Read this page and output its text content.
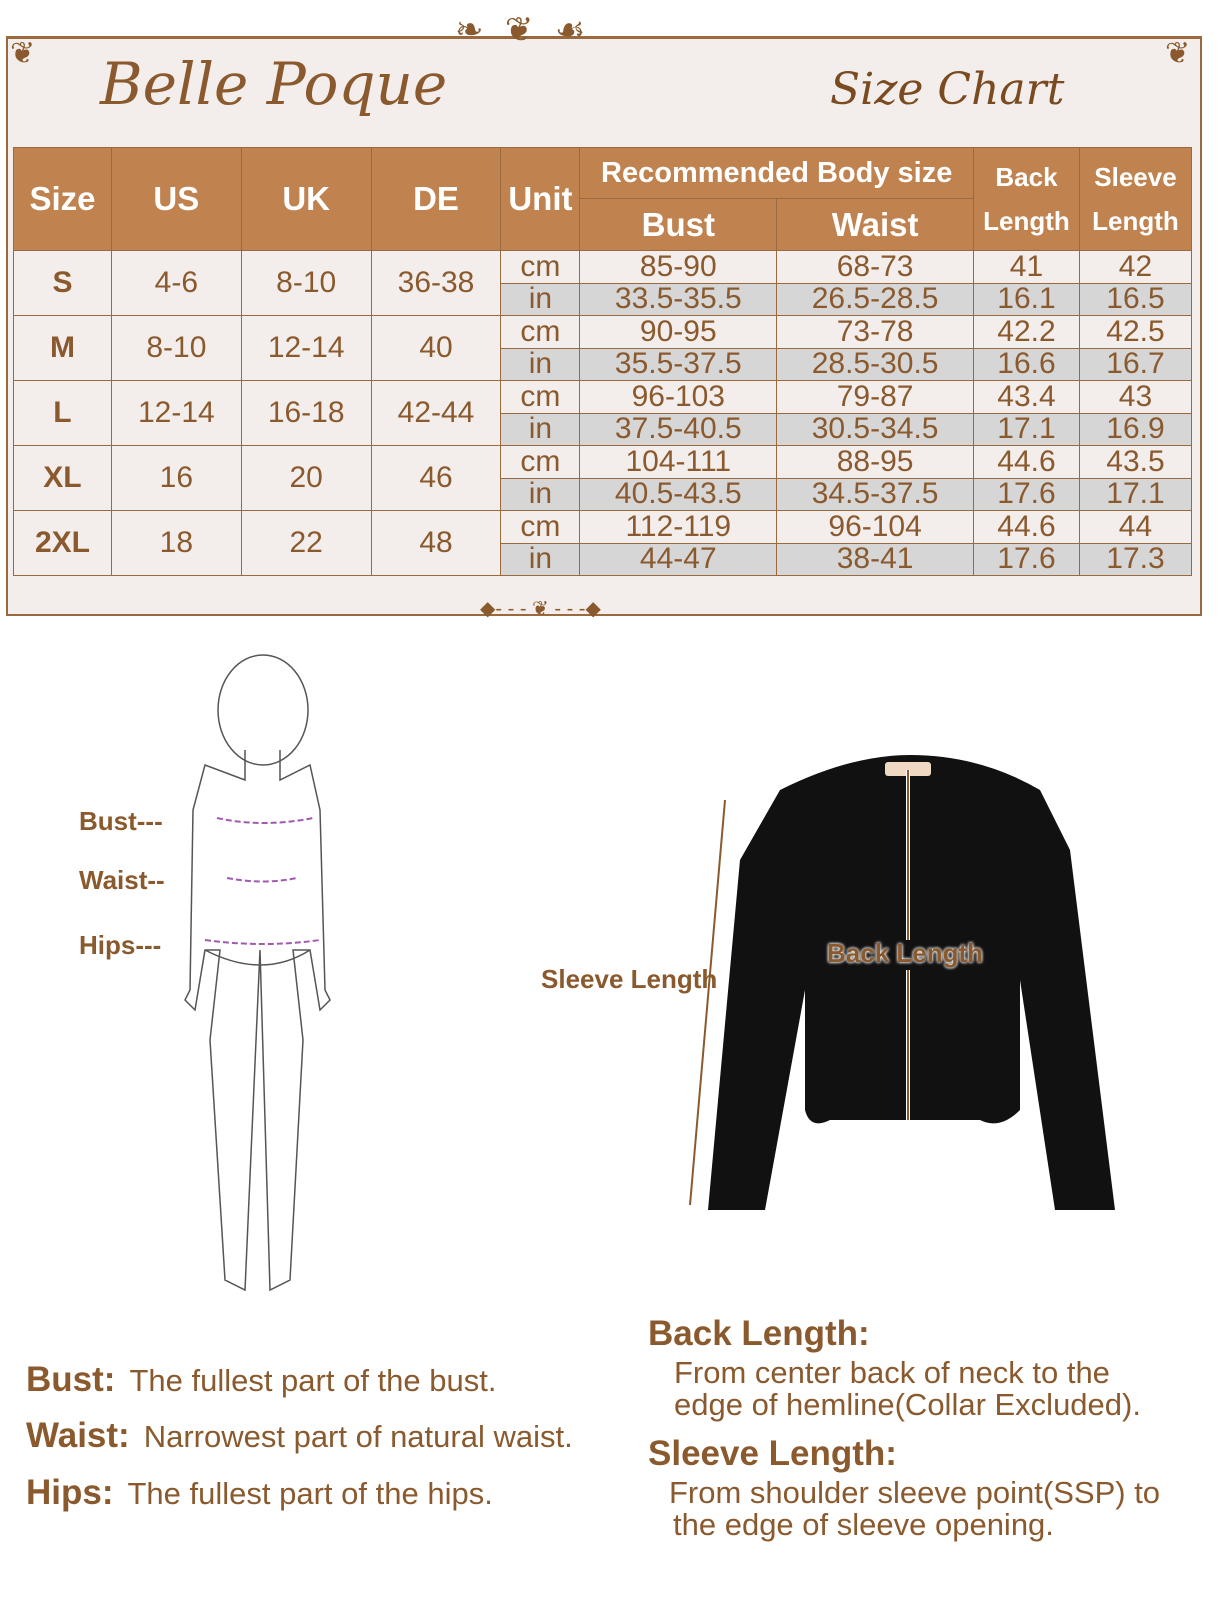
❦	❦
❧ ❦ ☙
◆- - - ❦ - - -◆
Belle Poque	Size Chart
Size	US	UK	DE	Unit	Recommended Body size		Back Length	Sleeve Length
					Bust	Waist		
S	4-6	8-10	36-38	cm	85-90	68-73	41	42
				in	33.5-35.5	26.5-28.5	16.1	16.5
M	8-10	12-14	40	cm	90-95	73-78	42.2	42.5
				in	35.5-37.5	28.5-30.5	16.6	16.7
L	12-14	16-18	42-44	cm	96-103	79-87	43.4	43
				in	37.5-40.5	30.5-34.5	17.1	16.9
XL	16	20	46	cm	104-111	88-95	44.6	43.5
				in	40.5-43.5	34.5-37.5	17.6	17.1
2XL	18	22	48	cm	112-119	96-104	44.6	44
				in	44-47	38-41	17.6	17.3
Bust---
Waist--
Hips---	Back Length
Sleeve Length
Bust: The fullest part of the bust.
Waist: Narrowest part of natural waist.
Hips: The fullest part of the hips.
Back Length:
From center back of neck to the
edge of hemline(Collar Excluded).
Sleeve Length:
From shoulder sleeve point(SSP) to
the edge of sleeve opening.
